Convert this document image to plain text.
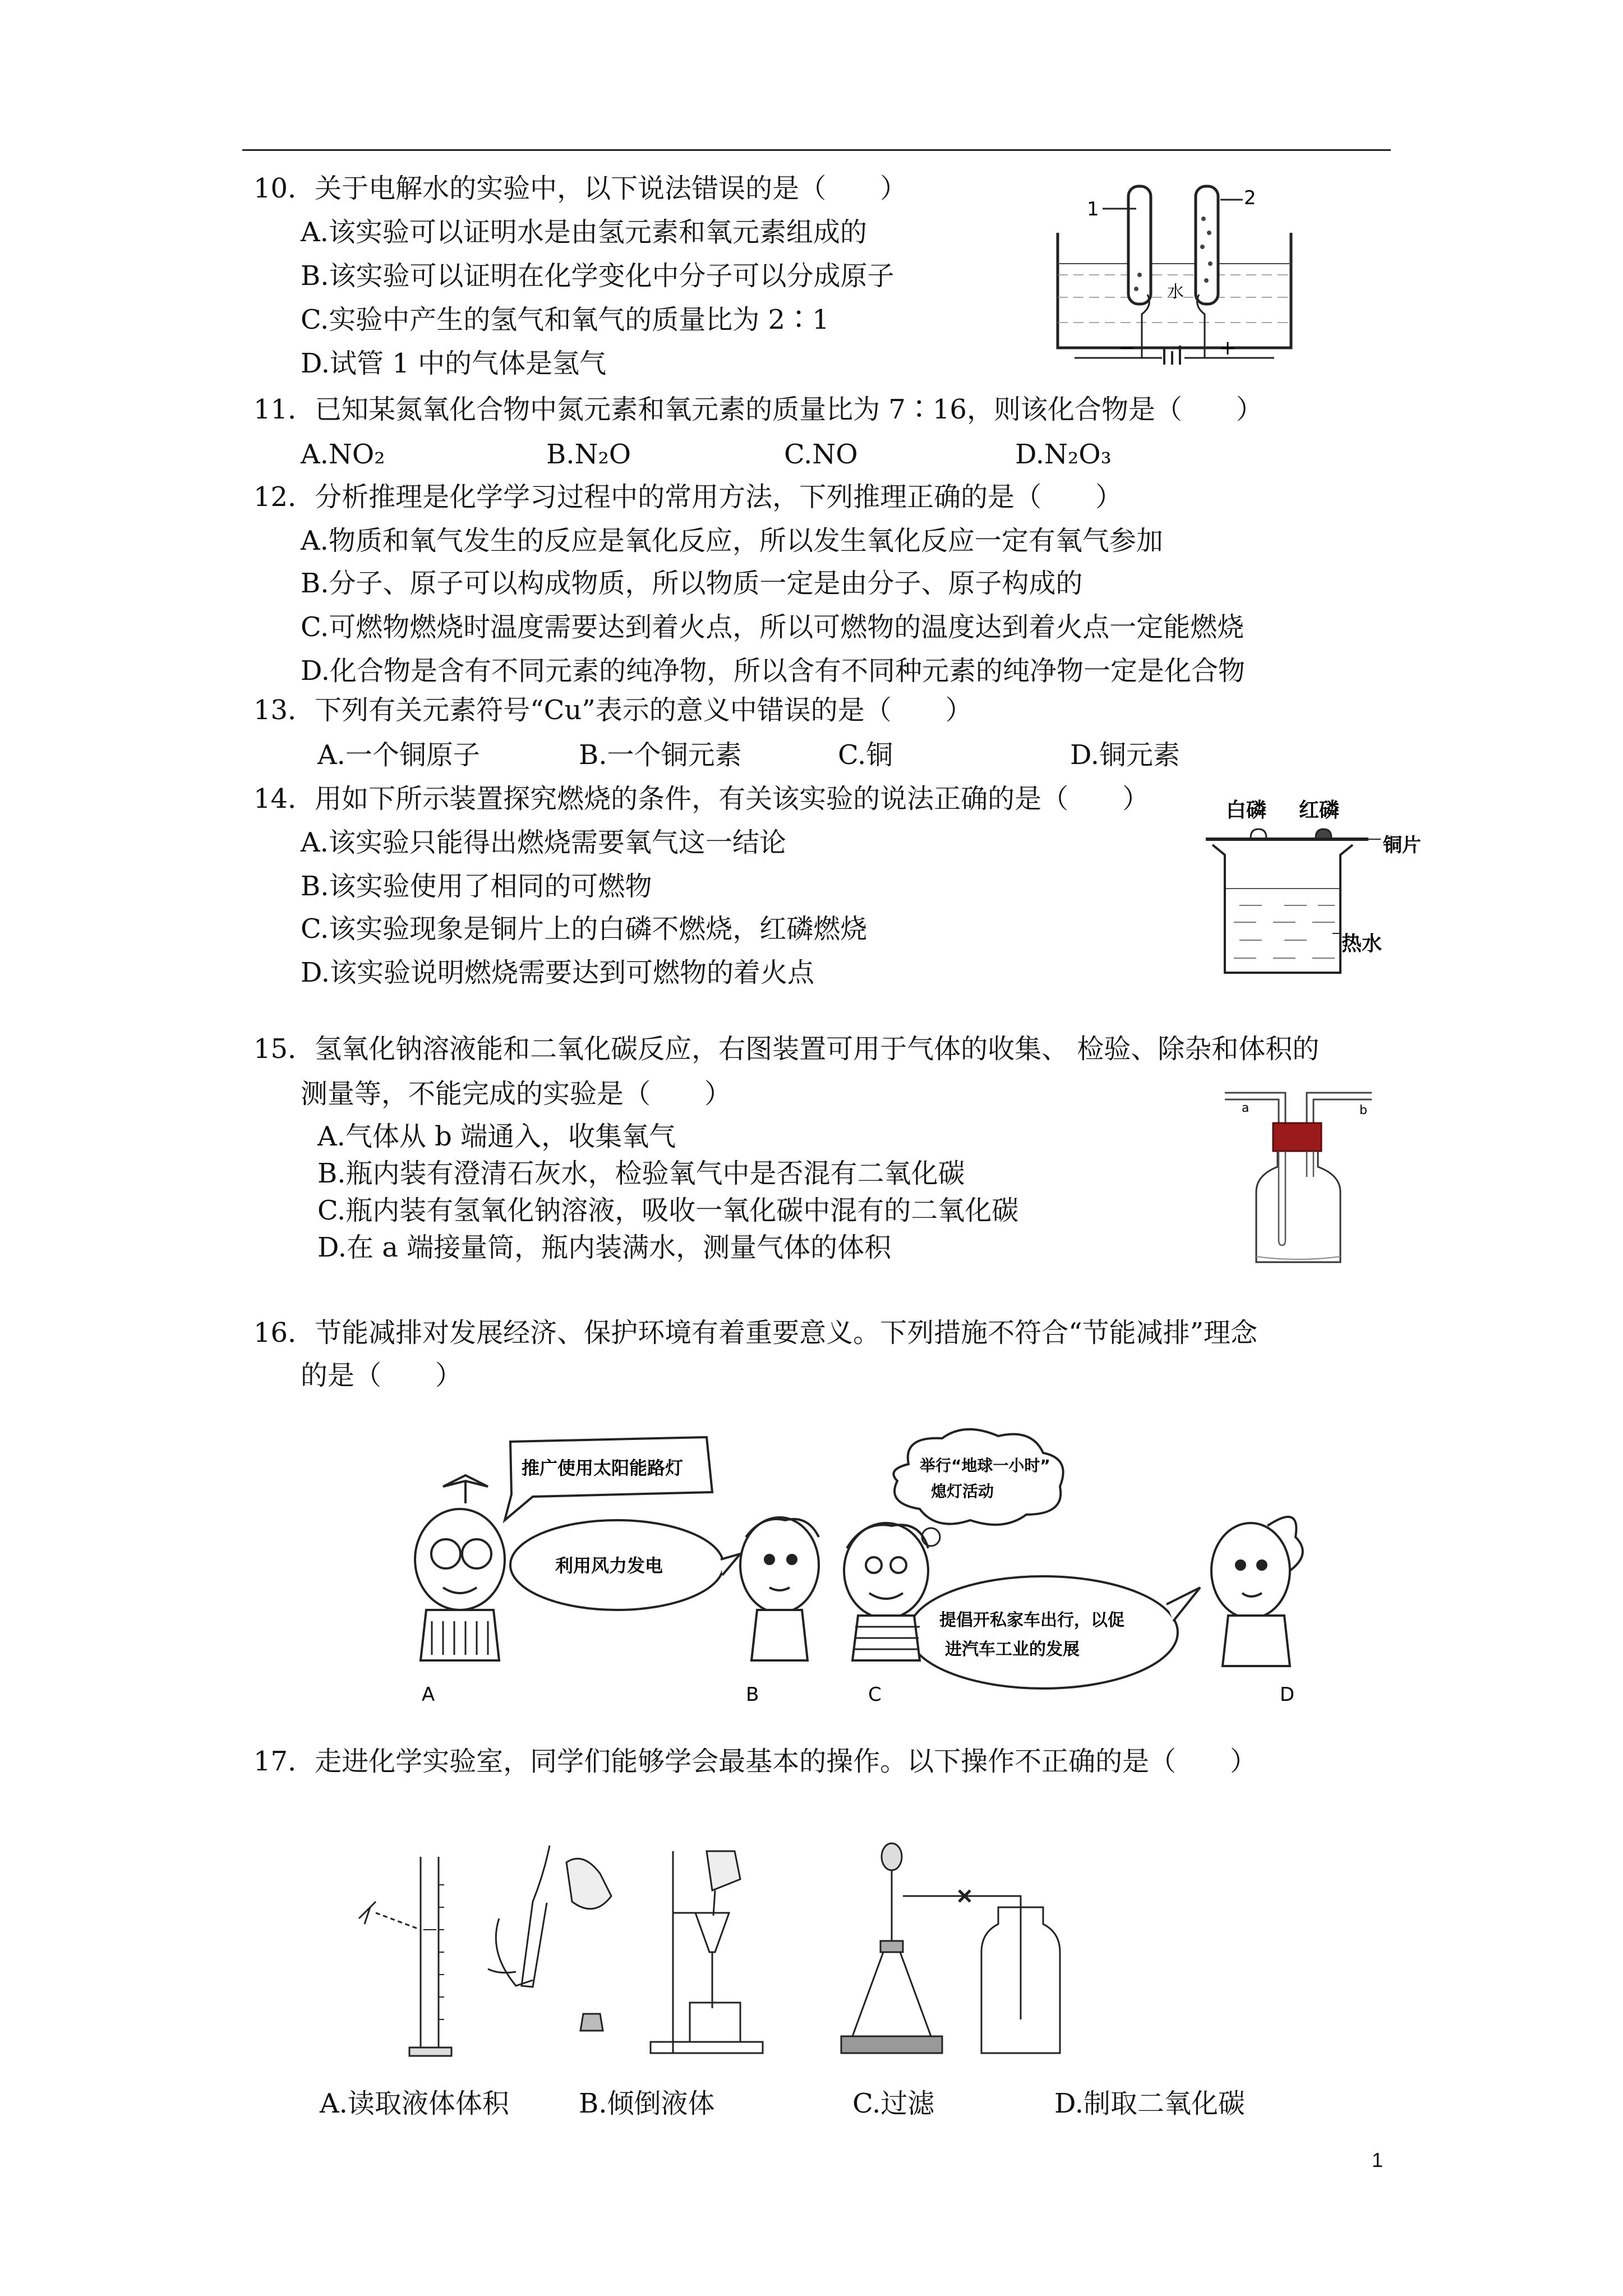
10．关于电解水的实验中，以下说法错误的是（　　）
A.该实验可以证明水是由氢元素和氧元素组成的
B.该实验可以证明在化学变化中分子可以分成原子
C.实验中产生的氢气和氧气的质量比为 2∶1
D.试管 1 中的气体是氢气
1	2
水
−	+
11．已知某氮氧化合物中氮元素和氧元素的质量比为 7∶16，则该化合物是（　　）
A.NO₂	B.N₂O	C.NO	D.N₂O₃
12．分析推理是化学学习过程中的常用方法，下列推理正确的是（　　）
A.物质和氧气发生的反应是氧化反应，所以发生氧化反应一定有氧气参加
B.分子、原子可以构成物质，所以物质一定是由分子、原子构成的
C.可燃物燃烧时温度需要达到着火点，所以可燃物的温度达到着火点一定能燃烧
D.化合物是含有不同元素的纯净物，所以含有不同种元素的纯净物一定是化合物
13．下列有关元素符号“Cu”表示的意义中错误的是（　　）
A.一个铜原子	B.一个铜元素	C.铜	D.铜元素
14．用如下所示装置探究燃烧的条件，有关该实验的说法正确的是（　　）
A.该实验只能得出燃烧需要氧气这一结论
B.该实验使用了相同的可燃物
C.该实验现象是铜片上的白磷不燃烧，红磷燃烧
D.该实验说明燃烧需要达到可燃物的着火点
白磷 红磷
铜片
热水
15．氢氧化钠溶液能和二氧化碳反应，右图装置可用于气体的收集、 检验、除杂和体积的
测量等，不能完成的实验是（　　）
A.气体从 b 端通入，收集氧气
B.瓶内装有澄清石灰水，检验氧气中是否混有二氧化碳
C.瓶内装有氢氧化钠溶液，吸收一氧化碳中混有的二氧化碳
D.在 a 端接量筒，瓶内装满水，测量气体的体积
a	b
16．节能减排对发展经济、保护环境有着重要意义。下列措施不符合“节能减排”理念
的是（　　）
推广使用太阳能路灯
利用风力发电
举行“地球一小时”
熄灯活动
提倡开私家车出行，以促
进汽车工业的发展
A	B	C	D
17．走进化学实验室，同学们能够学会最基本的操作。以下操作不正确的是（　　）
A.读取液体体积	B.倾倒液体	C.过滤	D.制取二氧化碳
1
